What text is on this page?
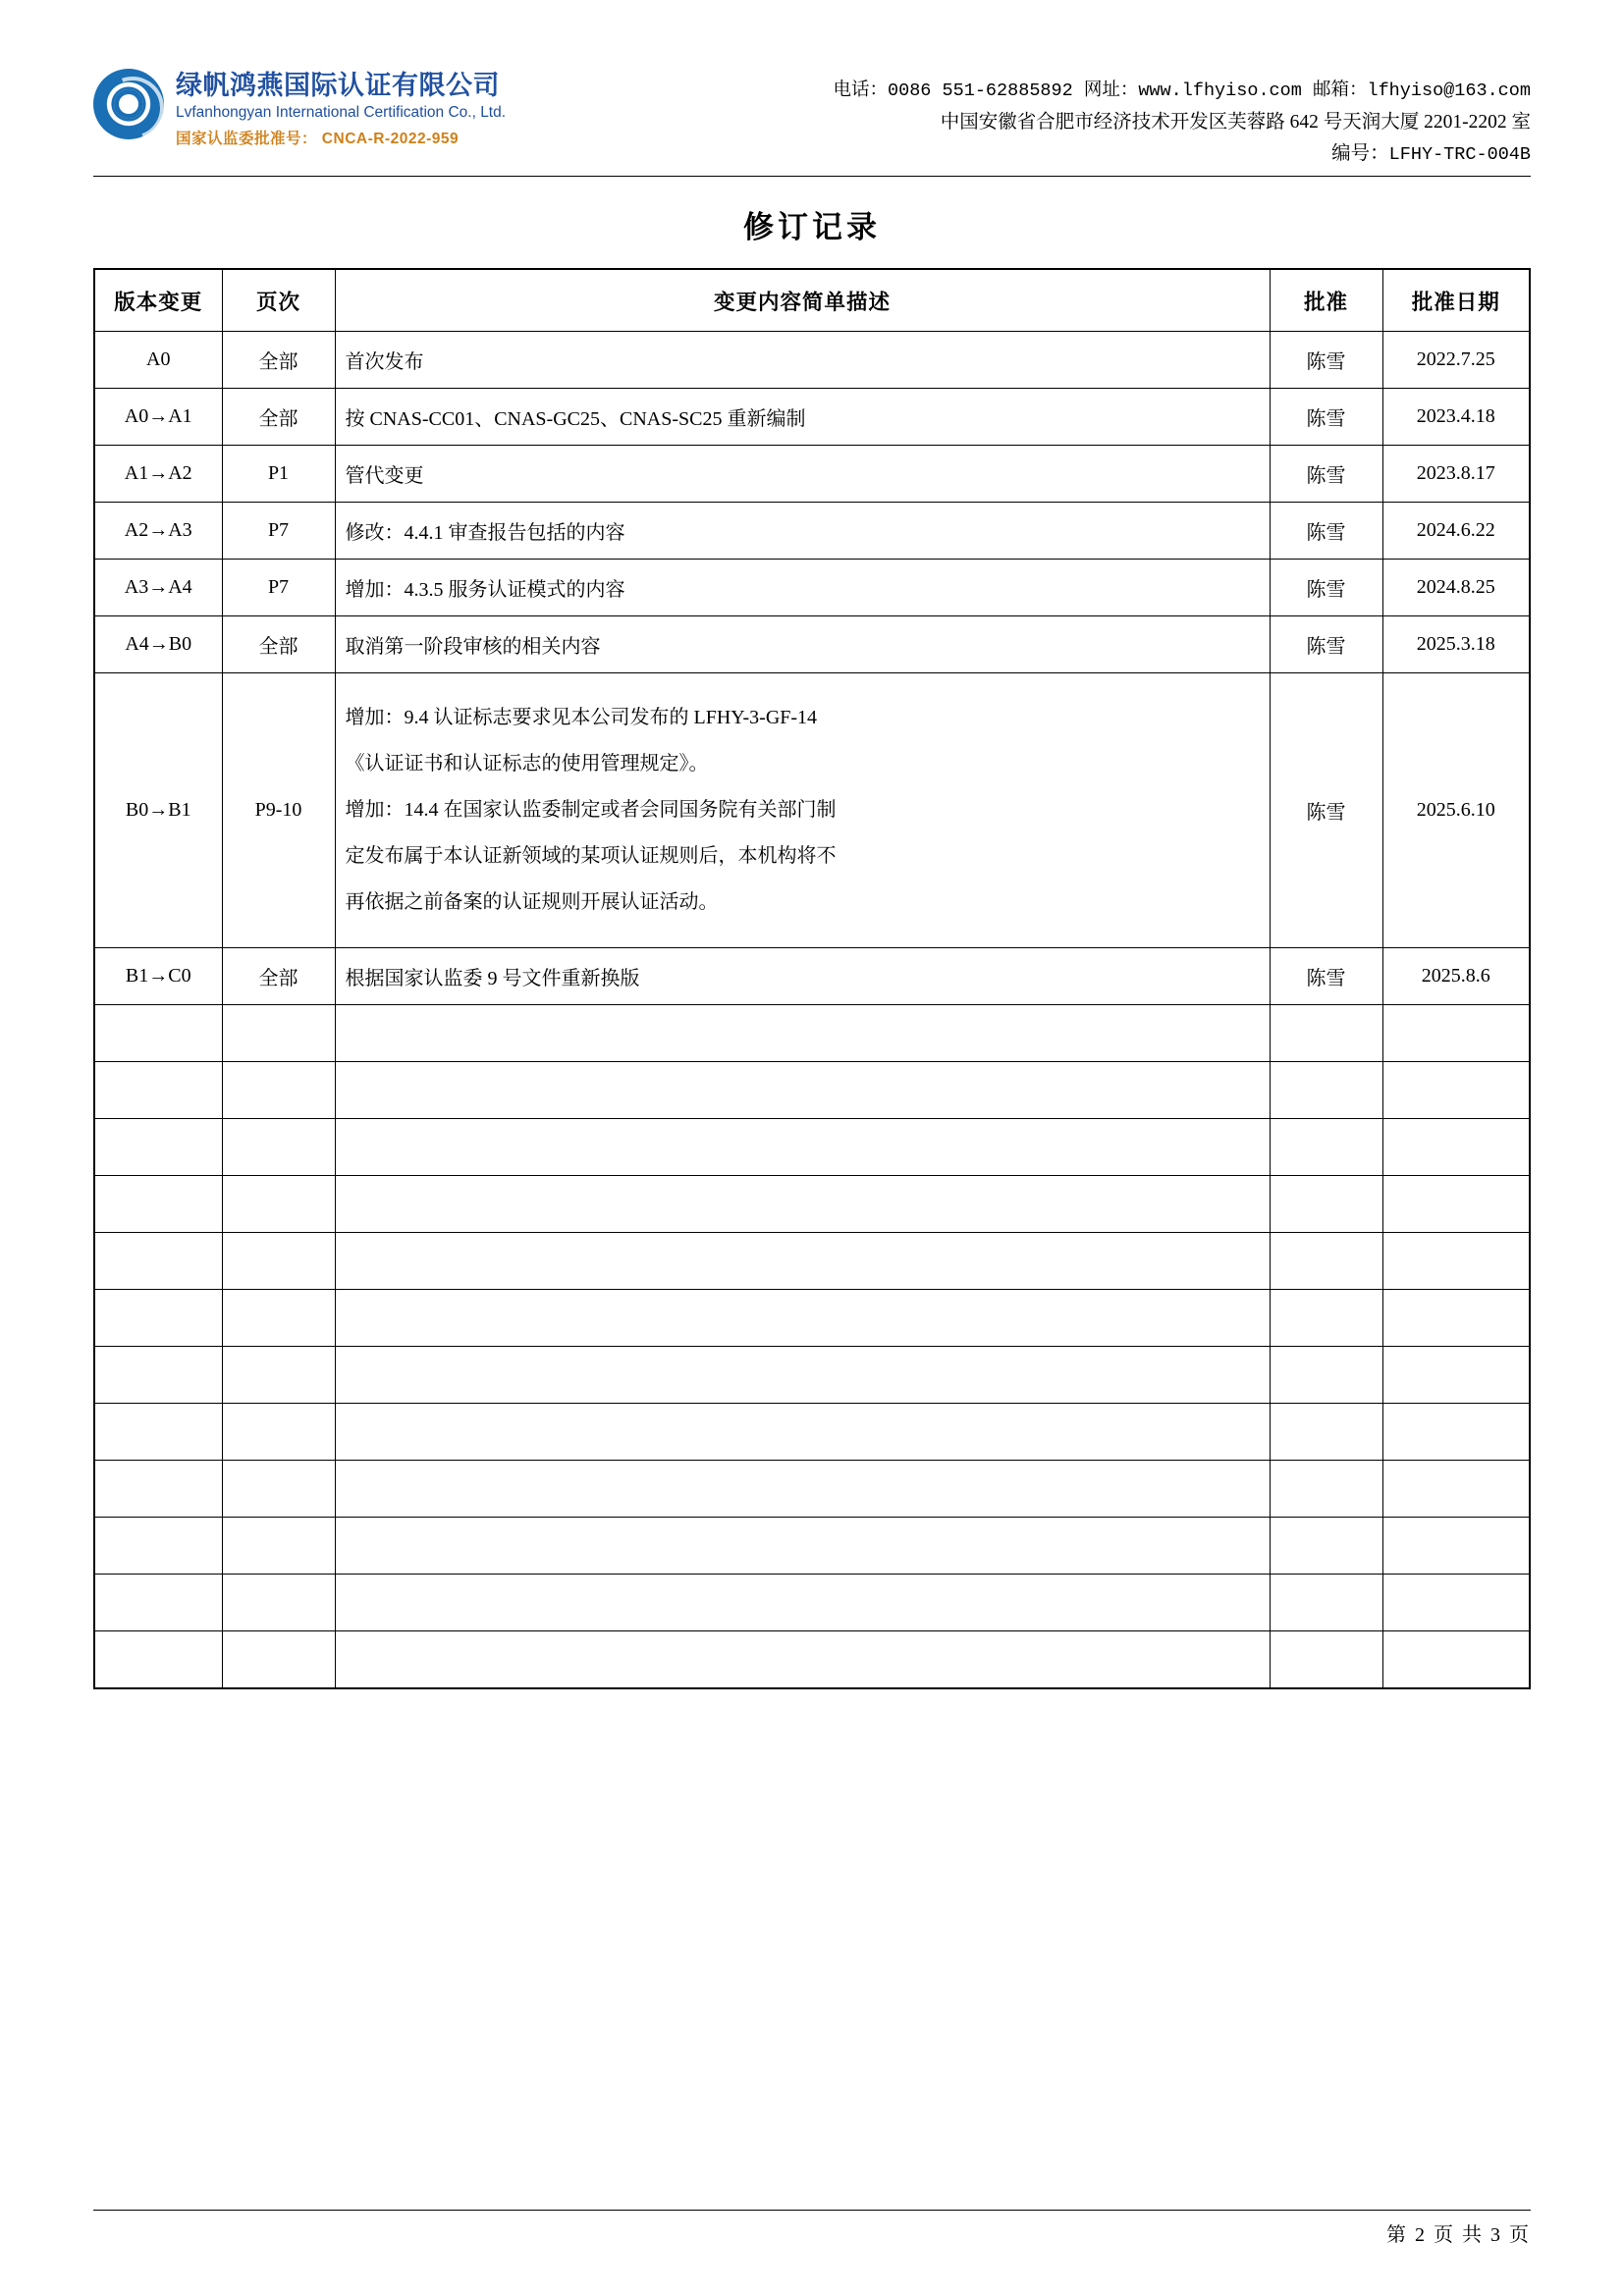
绿帆鸿燕国际认证有限公司
Lvfanhongyan International Certification Co., Ltd.
国家认监委批准号： CNCA-R-2022-959
电话：0086 551-62885892 网址：www.lfhyiso.com 邮箱：lfhyiso@163.com
中国安徽省合肥市经济技术开发区芙蓉路 642 号天润大厦 2201-2202 室
编号：LFHY-TRC-004B
修订记录
版本变更	页次	变更内容简单描述	批准	批准日期
A0	全部	首次发布	陈雪	2022.7.25
A0→A1	全部	按 CNAS-CC01、CNAS-GC25、CNAS-SC25 重新编制	陈雪	2023.4.18
A1→A2	P1	管代变更	陈雪	2023.8.17
A2→A3	P7	修改：4.4.1 审查报告包括的内容	陈雪	2024.6.22
A3→A4	P7	增加：4.3.5 服务认证模式的内容	陈雪	2024.8.25
A4→B0	全部	取消第一阶段审核的相关内容	陈雪	2025.3.18
B0→B1	P9-10	增加：9.4 认证标志要求见本公司发布的 LFHY-3-GF-14
《认证证书和认证标志的使用管理规定》。
增加：14.4 在国家认监委制定或者会同国务院有关部门制
定发布属于本认证新领域的某项认证规则后，本机构将不
再依据之前备案的认证规则开展认证活动。	陈雪	2025.6.10
B1→C0	全部	根据国家认监委 9 号文件重新换版	陈雪	2025.8.6

第 2 页 共 3 页
